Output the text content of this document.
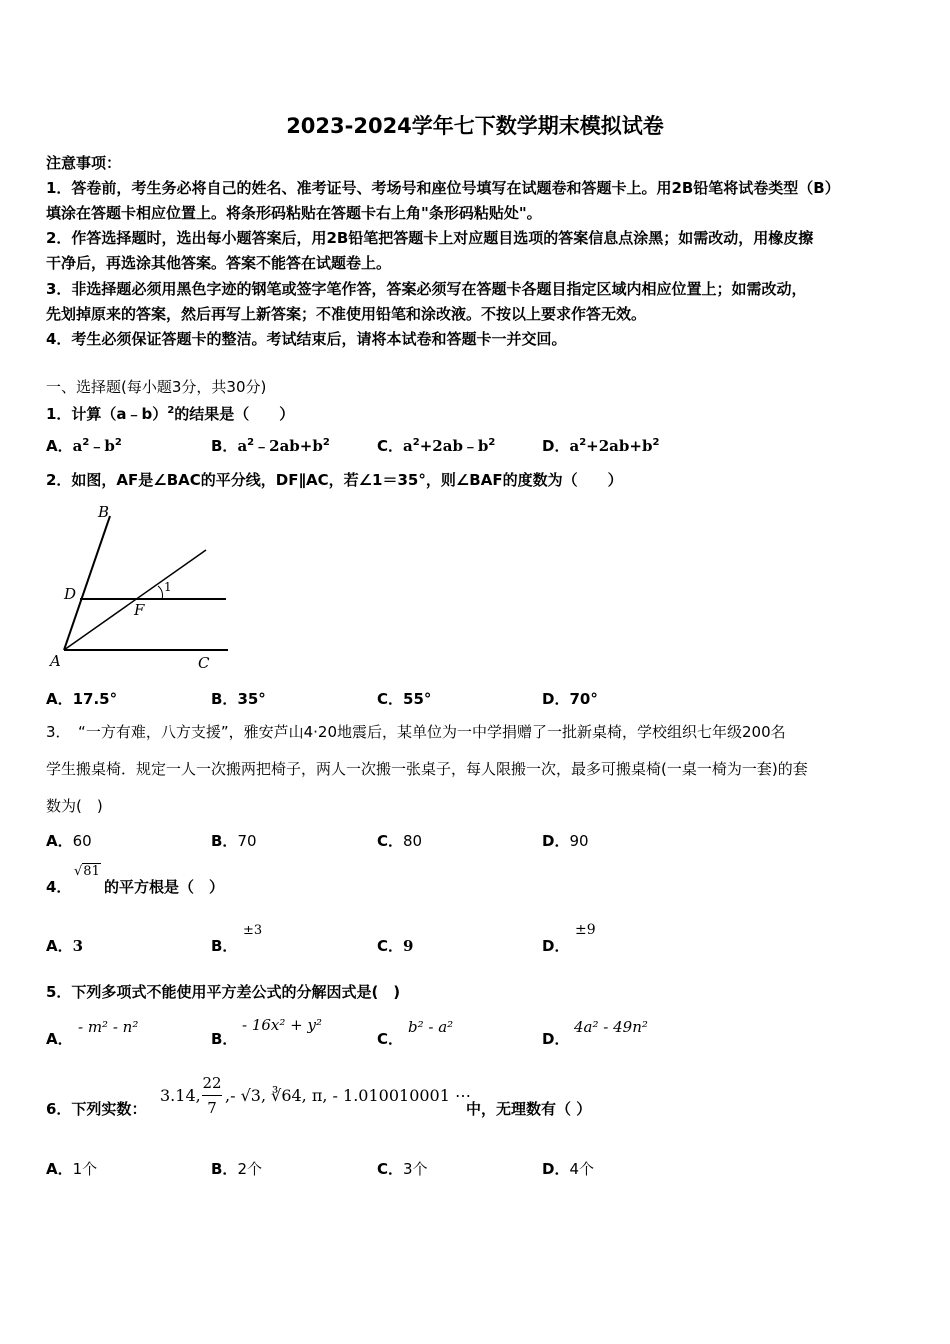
2023-2024学年七下数学期末模拟试卷
注意事项：
1．答卷前，考生务必将自己的姓名、准考证号、考场号和座位号填写在试题卷和答题卡上。用2B铅笔将试卷类型（B）
填涂在答题卡相应位置上。将条形码粘贴在答题卡右上角"条形码粘贴处"。
2．作答选择题时，选出每小题答案后，用2B铅笔把答题卡上对应题目选项的答案信息点涂黑；如需改动，用橡皮擦
干净后，再选涂其他答案。答案不能答在试题卷上。
3．非选择题必须用黑色字迹的钢笔或签字笔作答，答案必须写在答题卡各题目指定区域内相应位置上；如需改动，
先划掉原来的答案，然后再写上新答案；不准使用铅笔和涂改液。不按以上要求作答无效。
4．考生必须保证答题卡的整洁。考试结束后，请将本试卷和答题卡一并交回。
一、选择题(每小题3分，共30分)
1．计算（a﹣b）$^2$的结果是（　　）
A．$a^2﹣b^2$	B．$a^2﹣2ab+b^2$	C．$a^2+2ab﹣b^2$	D．$a^2+2ab+b^2$
2．如图，AF是∠BAC的平分线，DF∥AC，若∠1＝35°，则∠BAF的度数为（　　）
B
D
F
A	C
1
A．17.5°	B．35°	C．55°	D．70°
3．　“一方有难，八方支援”，雅安芦山4·20地震后，某单位为一中学捐赠了一批新桌椅，学校组织七年级200名
学生搬桌椅．规定一人一次搬两把椅子，两人一次搬一张桌子，每人限搬一次，最多可搬桌椅(一桌一椅为一套)的套
数为(　)
A．60	B．70	C．80	D．90
4．
√81
的平方根是（　）
A．3	B．
±3
C．9	D．
±9
5．下列多项式不能使用平方差公式的分解因式是(　)
A．
- m² - n²
B．
- 16x² + y²
C．
b² - a²
D．
4a² - 49n²
6．下列实数：
3.14,
22
7
,- √3, ∛64, π, - 1.010010001 ⋯
中，无理数有（ ）
A．1个	B．2个	C．3个	D．4个
